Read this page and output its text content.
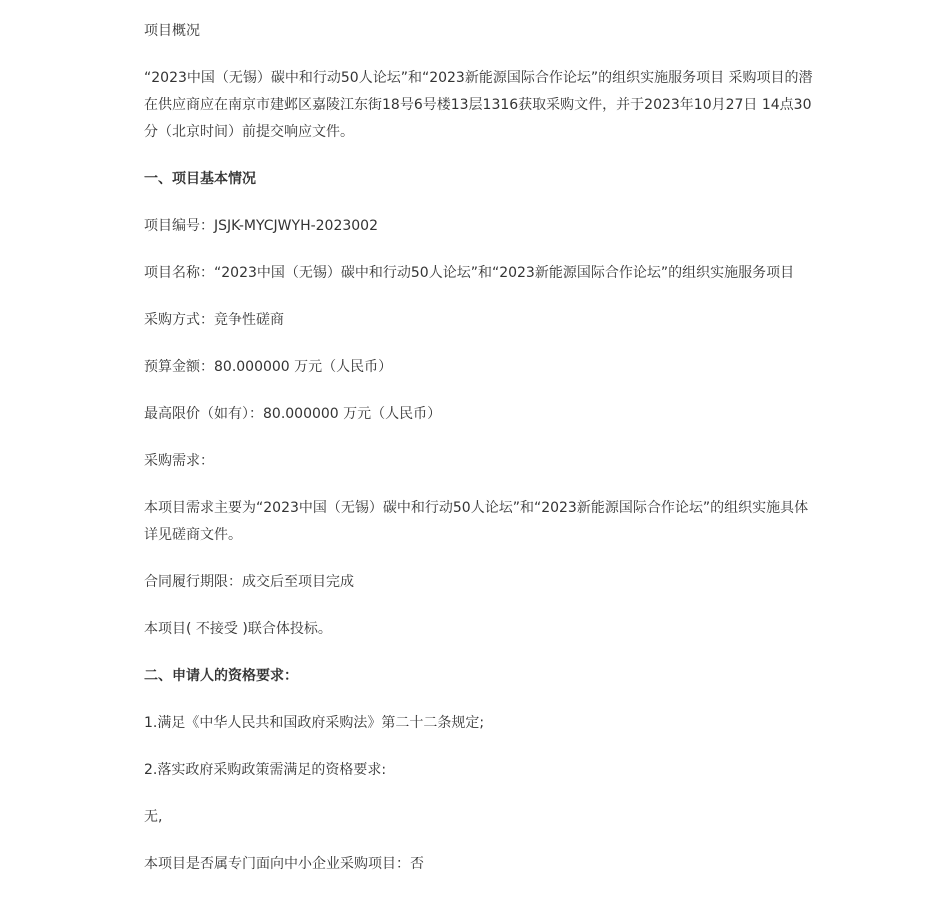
项目概况

“2023中国（无锡）碳中和行动50人论坛”和“2023新能源国际合作论坛”的组织实施服务项目 采购项目的潜在供应商应在南京市建邺区嘉陵江东街18号6号楼13层1316获取采购文件，并于2023年10月27日 14点30分（北京时间）前提交响应文件。

一、项目基本情况

项目编号：JSJK-MYCJWYH-2023002

项目名称：“2023中国（无锡）碳中和行动50人论坛”和“2023新能源国际合作论坛”的组织实施服务项目

采购方式：竞争性磋商

预算金额：80.000000 万元（人民币）

最高限价（如有）：80.000000 万元（人民币）

采购需求：

本项目需求主要为“2023中国（无锡）碳中和行动50人论坛”和“2023新能源国际合作论坛”的组织实施具体详见磋商文件。

合同履行期限：成交后至项目完成

本项目( 不接受 )联合体投标。

二、申请人的资格要求：

1.满足《中华人民共和国政府采购法》第二十二条规定;

2.落实政府采购政策需满足的资格要求:

无,

本项目是否属专门面向中小企业采购项目：否
